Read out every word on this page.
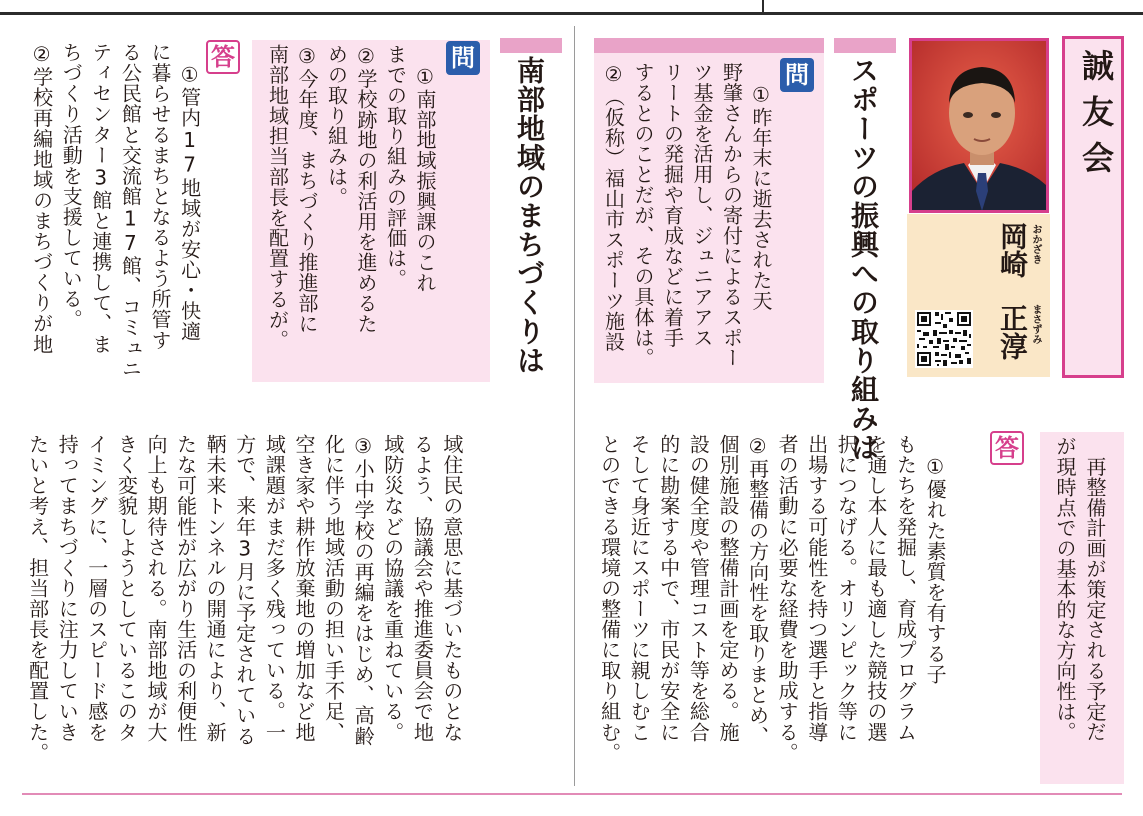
誠友会
おかざき
岡崎
まさずみ
正淳
スポーツの振興への取り組みは
問
　①昨年末に逝去された天
野肇さんからの寄付によるスポー
ツ基金を活用し、ジュニアアス
リートの発掘や育成などに着手
するとのことだが、その具体は。
②（仮称）福山市スポーツ施設
　再整備計画が策定される予定だ
が現時点での基本的な方向性は。
答
　①優れた素質を有する子
もたちを発掘し、育成プログラム
を通し本人に最も適した競技の選
択につなげる。オリンピック等に
出場する可能性を持つ選手と指導
者の活動に必要な経費を助成する。
②再整備の方向性を取りまとめ、
個別施設の整備計画を定める。施
設の健全度や管理コスト等を総合
的に勘案する中で、市民が安全に
そして身近にスポーツに親しむこ
とのできる環境の整備に取り組む。
南部地域のまちづくりは
問
　①南部地域振興課のこれ
までの取り組みの評価は。
②学校跡地の利活用を進めるた
めの取り組みは。
③今年度、まちづくり推進部に
南部地域担当部長を配置するが。
答
　①管内17地域が安心・快適
に暮らせるまちとなるよう所管す
る公民館と交流館17館、コミュニ
ティセンター3館と連携して、ま
ちづくり活動を支援している。
②学校再編地域のまちづくりが地
域住民の意思に基づいたものとな
るよう、協議会や推進委員会で地
域防災などの協議を重ねている。
③小中学校の再編をはじめ、高齢
化に伴う地域活動の担い手不足、
空き家や耕作放棄地の増加など地
域課題がまだ多く残っている。一
方で、来年3月に予定されている
鞆未来トンネルの開通により、新
たな可能性が広がり生活の利便性
向上も期待される。南部地域が大
きく変貌しようとしているこのタ
イミングに、一層のスピード感を
持ってまちづくりに注力していき
たいと考え、担当部長を配置した。
